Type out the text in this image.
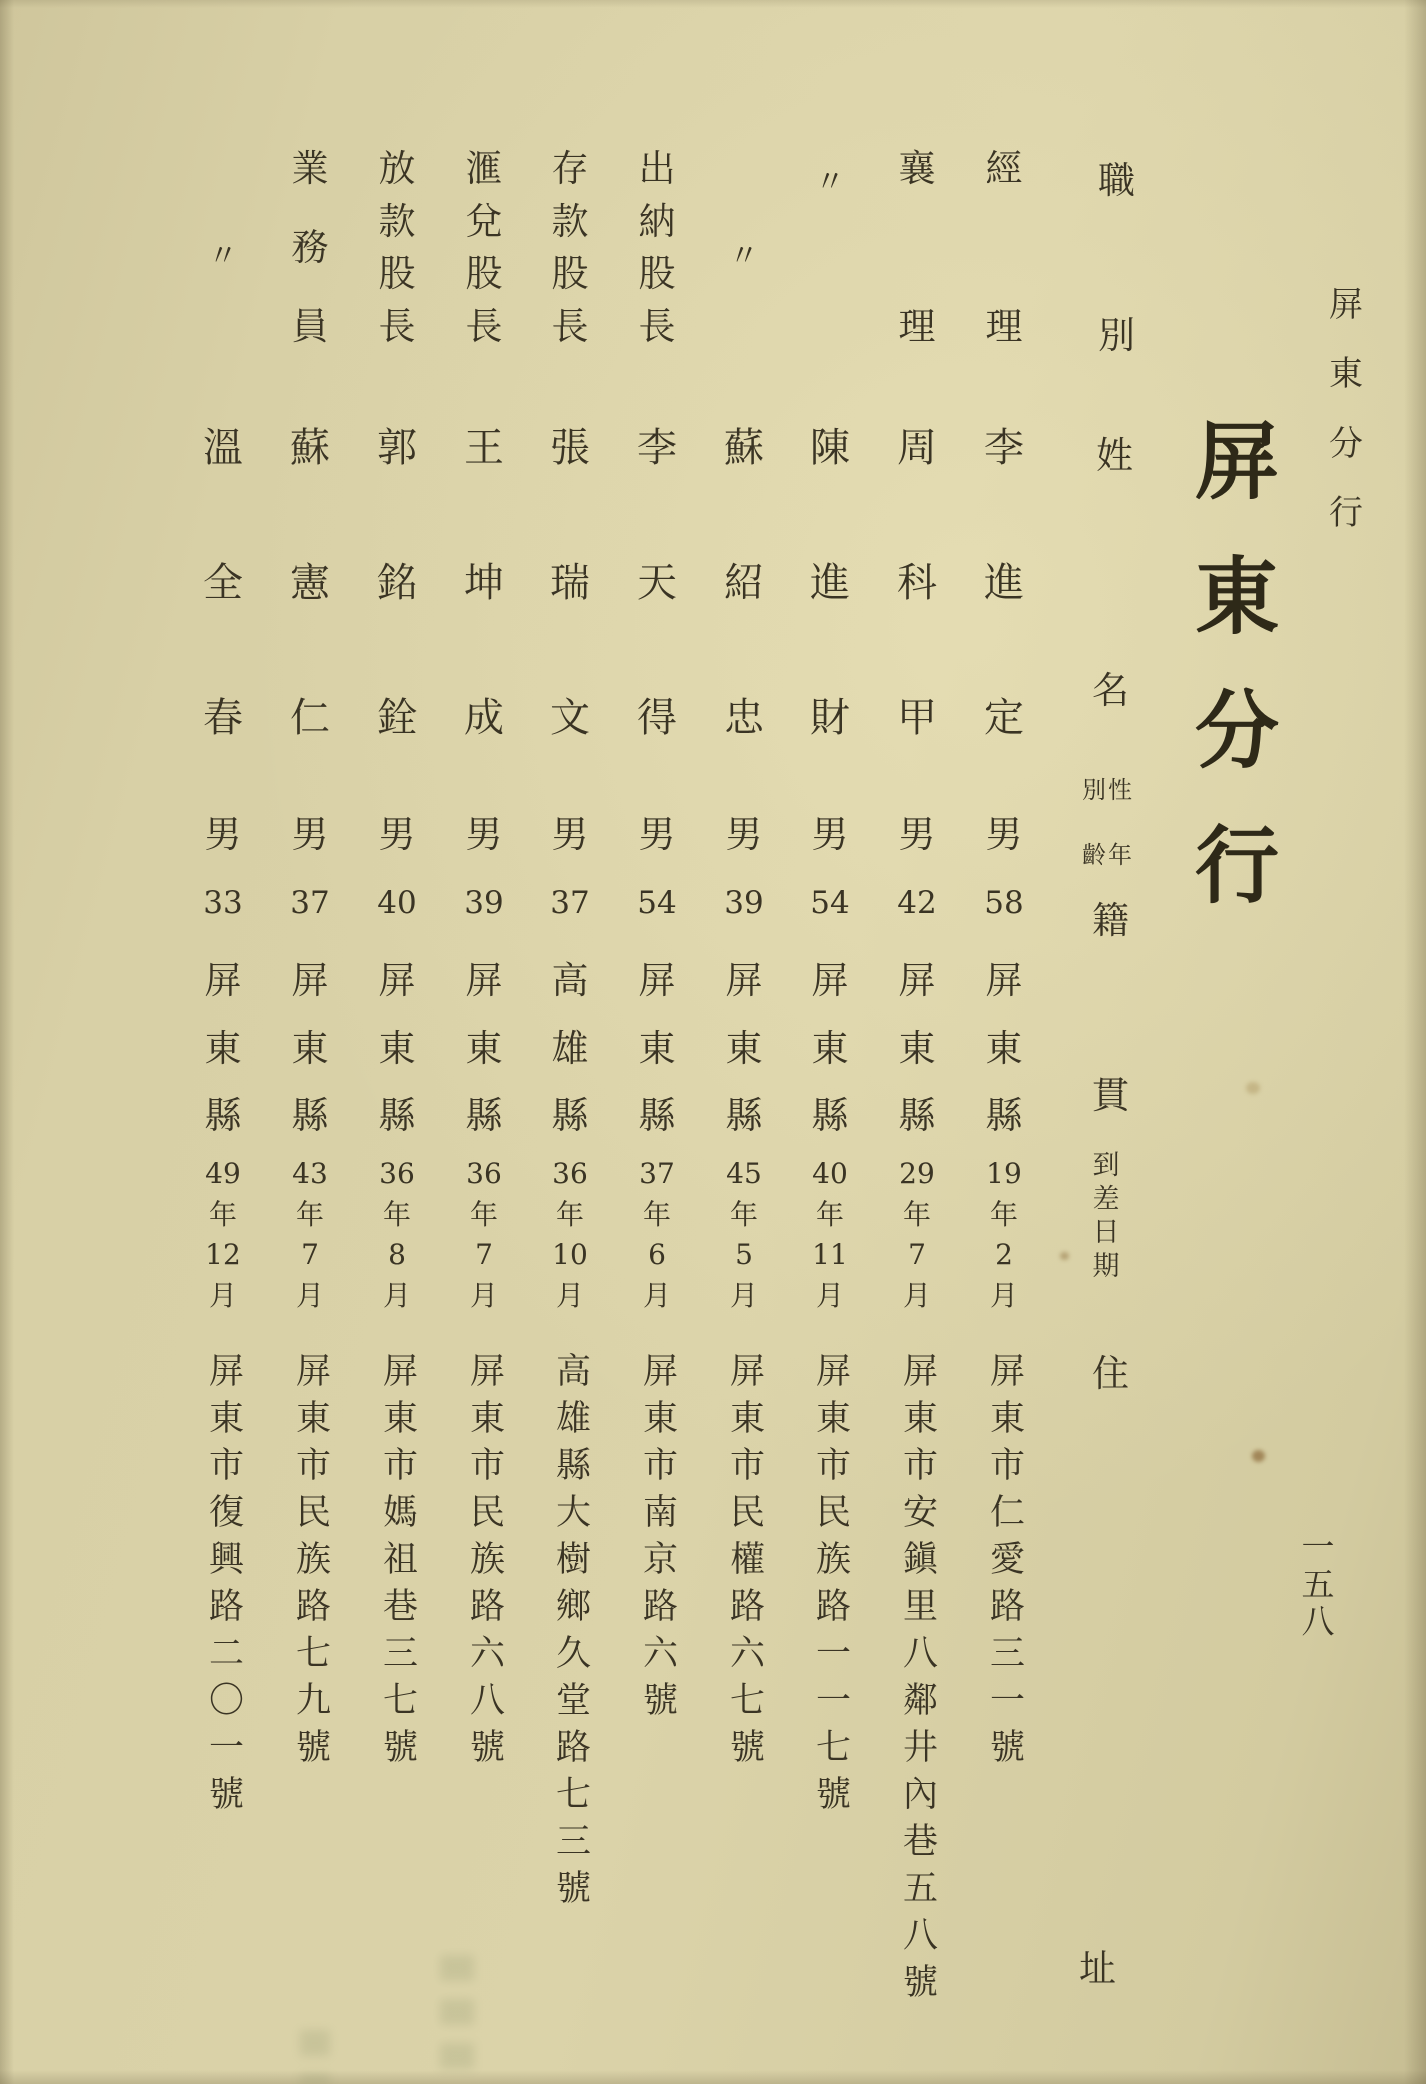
屏
東
分
行
屏
東
分
行
一
五
八
職
別
姓
名
籍
貫
住
址
別性
齡年
到
差
日
期
經
理
李
進
定
男
58
屏
東
縣
19
年
2
月
屏東市仁愛路三一號
襄
理
周
科
甲
男
42
屏
東
縣
29
年
7
月
屏東市安鎭里八鄰井內巷五八號
〃
陳
進
財
男
54
屏
東
縣
40
年
11
月
屏東市民族路一一七號
〃
蘇
紹
忠
男
39
屏
東
縣
45
年
5
月
屏東市民權路六七號
出
納
股
長
李
天
得
男
54
屏
東
縣
37
年
6
月
屏東市南京路六號
存
款
股
長
張
瑞
文
男
37
高
雄
縣
36
年
10
月
高雄縣大樹鄉久堂路七三號
滙
兌
股
長
王
坤
成
男
39
屏
東
縣
36
年
7
月
屏東市民族路六八號
放
款
股
長
郭
銘
銓
男
40
屏
東
縣
36
年
8
月
屏東市媽祖巷三七號
業
務
員
蘇
憲
仁
男
37
屏
東
縣
43
年
7
月
屏東市民族路七九號
〃
溫
全
春
男
33
屏
東
縣
49
年
12
月
屏東市復興路二〇一號
